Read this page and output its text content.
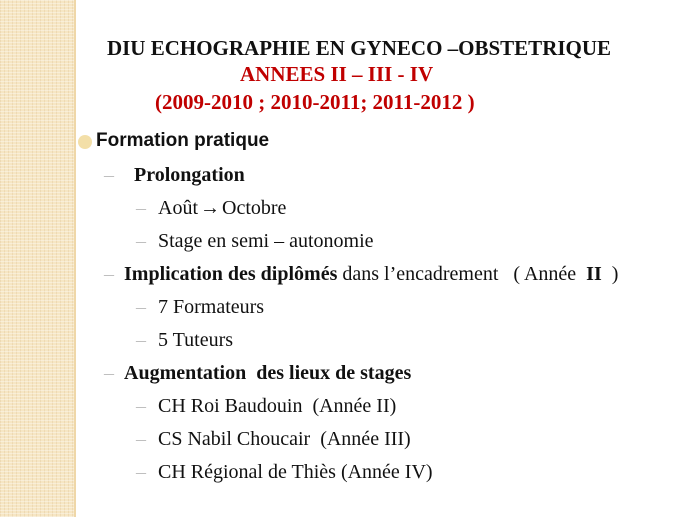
DIU ECHOGRAPHIE EN GYNECO –OBSTETRIQUE
ANNEES II – III - IV
(2009-2010 ; 2010-2011; 2011-2012 )
Formation pratique
– Prolongation
– Août → Octobre
– Stage en semi – autonomie
– Implication des diplômés dans l’encadrement   ( Année  II  )
– 7 Formateurs
– 5 Tuteurs
– Augmentation  des lieux de stages
– CH Roi Baudouin  (Année II)
– CS Nabil Choucair  (Année III)
– CH Régional de Thiès (Année IV)
